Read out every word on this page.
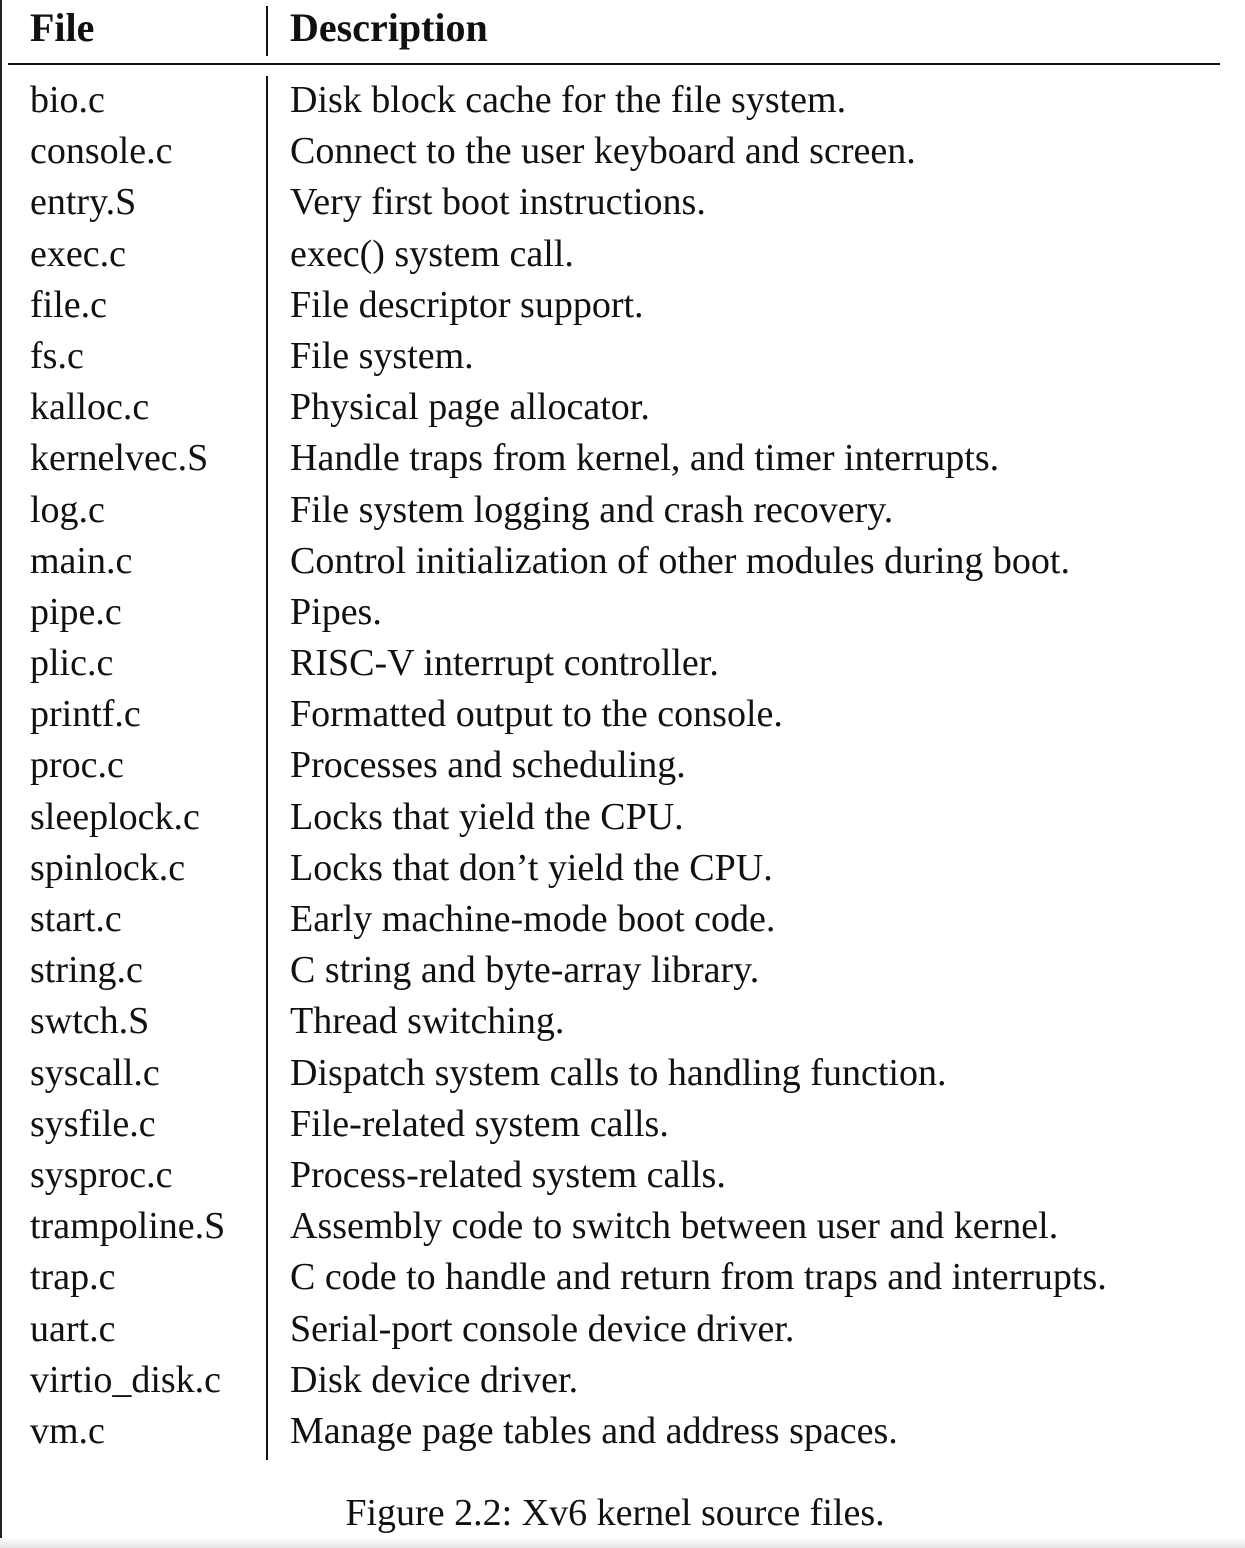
File	Description
bio.c	Disk block cache for the file system.
console.c	Connect to the user keyboard and screen.
entry.S	Very first boot instructions.
exec.c	exec() system call.
file.c	File descriptor support.
fs.c	File system.
kalloc.c	Physical page allocator.
kernelvec.S Handle traps from kernel, and timer interrupts.
log.c	File system logging and crash recovery.
main.c	Control initialization of other modules during boot.
pipe.c	Pipes.
plic.c	RISC-V interrupt controller.
printf.c	Formatted output to the console.
proc.c	Processes and scheduling.
sleeplock.c Locks that yield the CPU.
spinlock.c	Locks that don’t yield the CPU.
start.c	Early machine-mode boot code.
string.c	C string and byte-array library.
swtch.S	Thread switching.
syscall.c	Dispatch system calls to handling function.
sysfile.c	File-related system calls.
sysproc.c	Process-related system calls.
trampoline.S Assembly code to switch between user and kernel.
trap.c	C code to handle and return from traps and interrupts.
uart.c	Serial-port console device driver.
virtio_disk.c Disk device driver.
vm.c	Manage page tables and address spaces.
Figure 2.2: Xv6 kernel source files.
